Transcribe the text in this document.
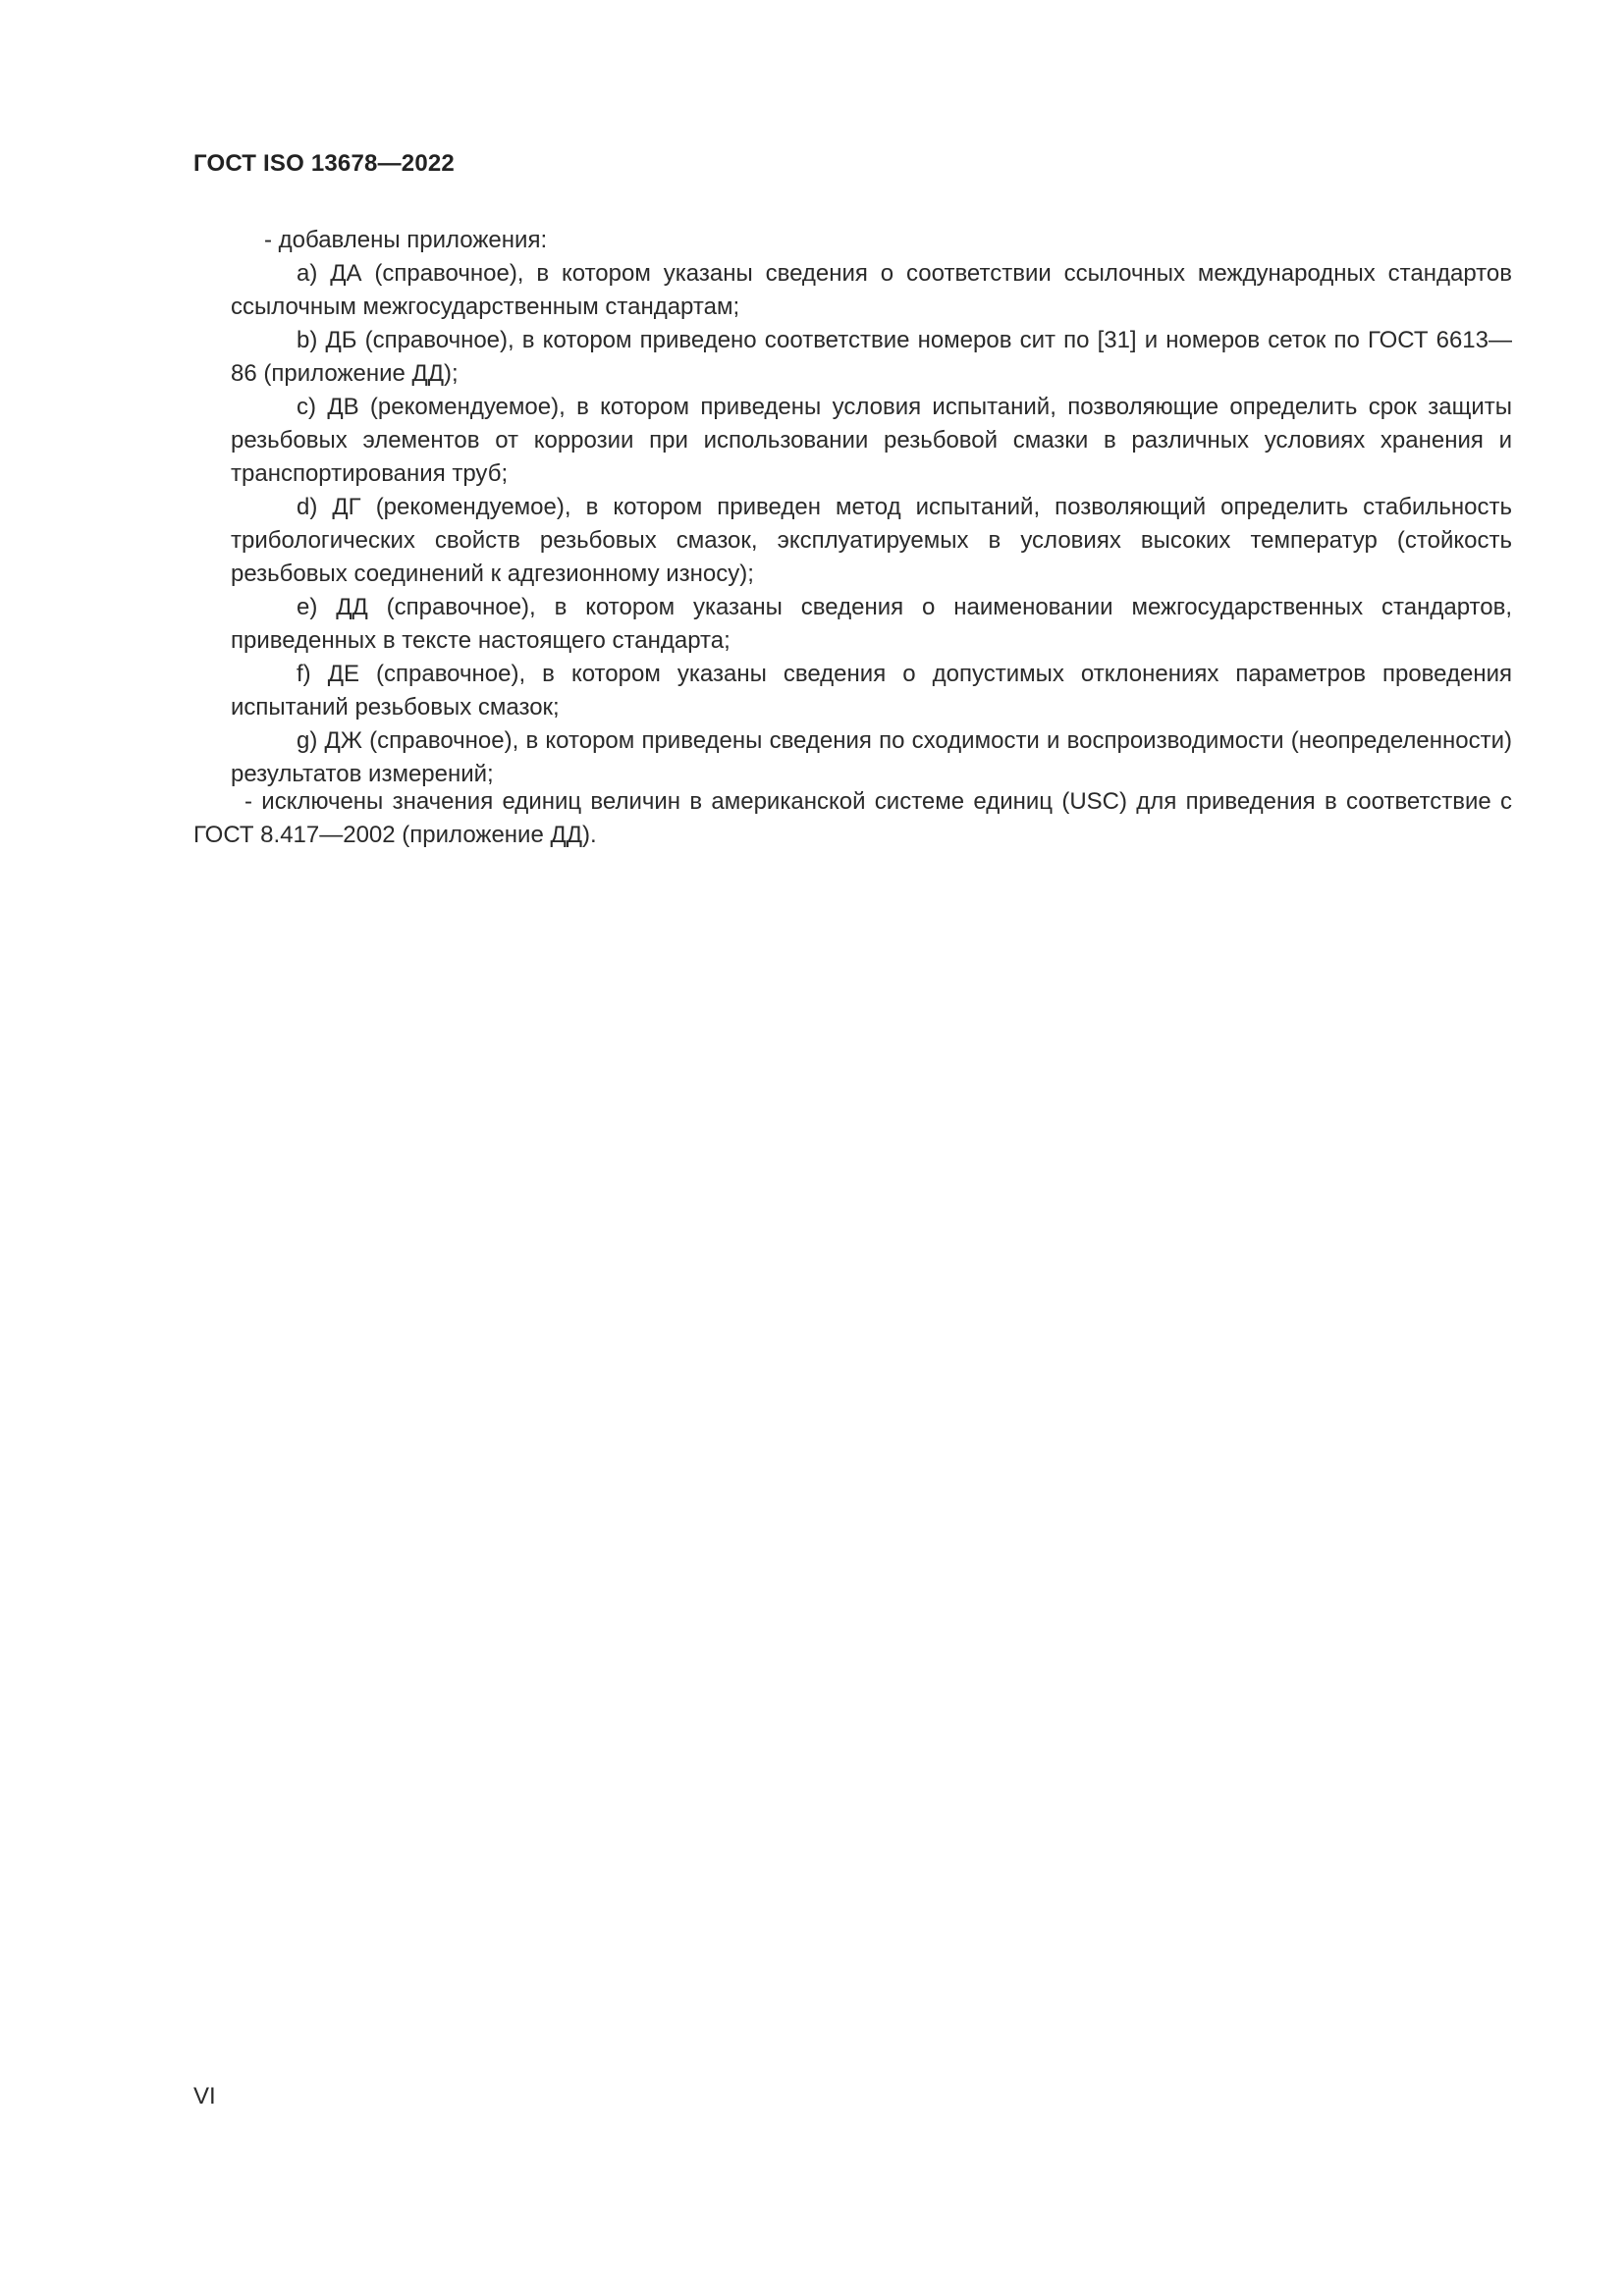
ГОСТ ISO 13678—2022

- добавлены приложения:

a) ДА (справочное), в котором указаны сведения о соответствии ссылочных международных стандартов ссылочным межгосударственным стандартам;

b) ДБ (справочное), в котором приведено соответствие номеров сит по [31] и номеров сеток по ГОСТ 6613—86 (приложение ДД);

c) ДВ (рекомендуемое), в котором приведены условия испытаний, позволяющие определить срок защиты резьбовых элементов от коррозии при использовании резьбовой смазки в различных условиях хранения и транспортирования труб;

d) ДГ (рекомендуемое), в котором приведен метод испытаний, позволяющий определить стабильность трибологических свойств резьбовых смазок, эксплуатируемых в условиях высоких температур (стойкость резьбовых соединений к адгезионному износу);

e) ДД (справочное), в котором указаны сведения о наименовании межгосударственных стандартов, приведенных в тексте настоящего стандарта;

f) ДЕ (справочное), в котором указаны сведения о допустимых отклонениях параметров проведения испытаний резьбовых смазок;

g) ДЖ (справочное), в котором приведены сведения по сходимости и воспроизводимости (неопределенности) результатов измерений;

- исключены значения единиц величин в американской системе единиц (USC) для приведения в соответствие с ГОСТ 8.417—2002 (приложение ДД).

VI
